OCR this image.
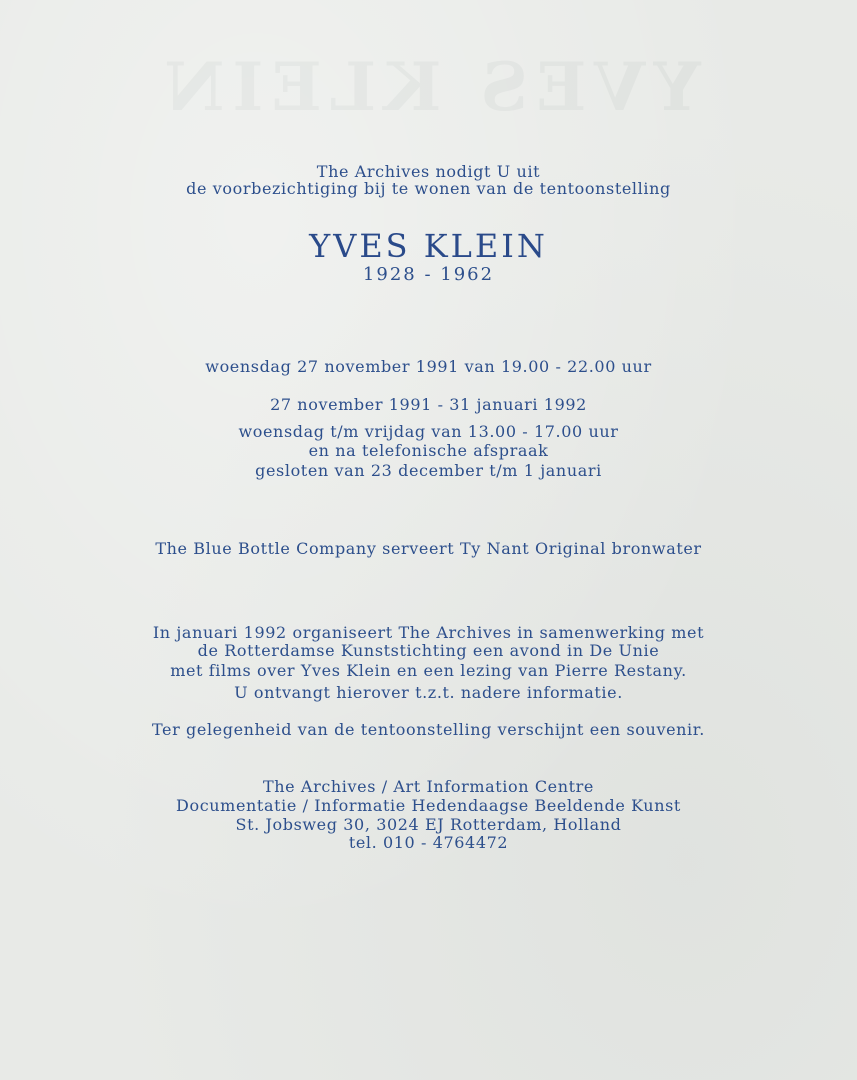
YVES KLEIN
The Archives nodigt U uit
de voorbezichtiging bij te wonen van de tentoonstelling
YVES KLEIN
1928 - 1962
woensdag 27 november 1991 van 19.00 - 22.00 uur
27 november 1991 - 31 januari 1992
woensdag t/m vrijdag van 13.00 - 17.00 uur
en na telefonische afspraak
gesloten van 23 december t/m 1 januari
The Blue Bottle Company serveert Ty Nant Original bronwater
In januari 1992 organiseert The Archives in samenwerking met
de Rotterdamse Kunststichting een avond in De Unie
met films over Yves Klein en een lezing van Pierre Restany.
U ontvangt hierover t.z.t. nadere informatie.
Ter gelegenheid van de tentoonstelling verschijnt een souvenir.
The Archives / Art Information Centre
Documentatie / Informatie Hedendaagse Beeldende Kunst
St. Jobsweg 30, 3024 EJ Rotterdam, Holland
tel. 010 - 4764472
